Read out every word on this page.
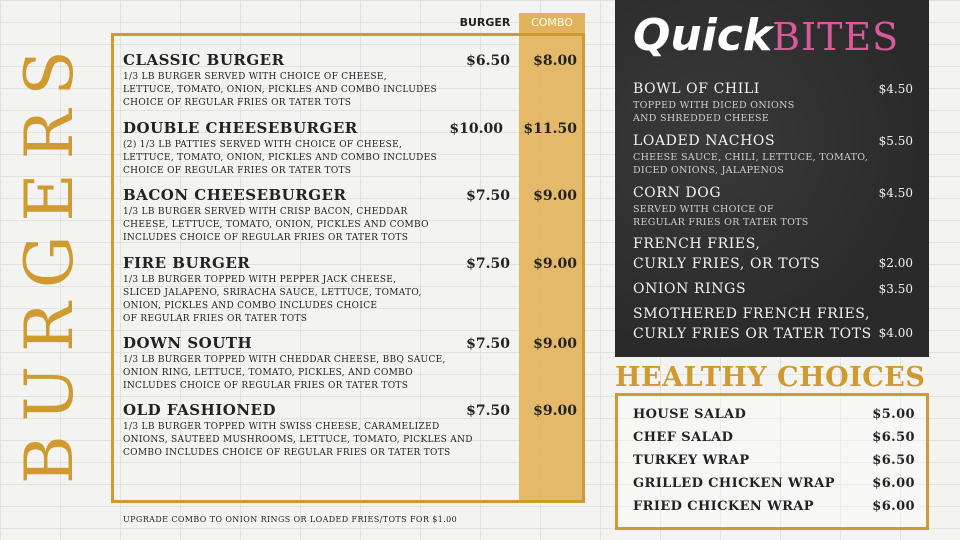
BURGERS
BURGER	COMBO
CLASSIC BURGER
1/3 LB BURGER SERVED WITH CHOICE OF CHEESE,
LETTUCE, TOMATO, ONION, PICKLES AND COMBO INCLUDES
CHOICE OF REGULAR FRIES OR TATER TOTS
$6.50	$8.00
DOUBLE CHEESEBURGER
(2) 1/3 LB PATTIES SERVED WITH CHOICE OF CHEESE,
LETTUCE, TOMATO, ONION, PICKLES AND COMBO INCLUDES
CHOICE OF REGULAR FRIES OR TATER TOTS
$10.00	$11.50
BACON CHEESEBURGER
1/3 LB BURGER SERVED WITH CRISP BACON, CHEDDAR
CHEESE, LETTUCE, TOMATO, ONION, PICKLES AND COMBO
INCLUDES CHOICE OF REGULAR FRIES OR TATER TOTS
$7.50	$9.00
FIRE BURGER
1/3 LB BURGER TOPPED WITH PEPPER JACK CHEESE,
SLICED JALAPENO, SRIRACHA SAUCE, LETTUCE, TOMATO,
ONION, PICKLES AND COMBO INCLUDES CHOICE
OF REGULAR FRIES OR TATER TOTS
$7.50	$9.00
DOWN SOUTH
1/3 LB BURGER TOPPED WITH CHEDDAR CHEESE, BBQ SAUCE,
ONION RING, LETTUCE, TOMATO, PICKLES, AND COMBO
INCLUDES CHOICE OF REGULAR FRIES OR TATER TOTS
$7.50	$9.00
OLD FASHIONED
1/3 LB BURGER TOPPED WITH SWISS CHEESE, CARAMELIZED
ONIONS, SAUTEED MUSHROOMS, LETTUCE, TOMATO, PICKLES AND
COMBO INCLUDES CHOICE OF REGULAR FRIES OR TATER TOTS
$7.50	$9.00
UPGRADE COMBO TO ONION RINGS OR LOADED FRIES/TOTS FOR $1.00
QuickBITES
BOWL OF CHILI
TOPPED WITH DICED ONIONS
AND SHREDDED CHEESE
$4.50
LOADED NACHOS
CHEESE SAUCE, CHILI, LETTUCE, TOMATO,
DICED ONIONS, JALAPENOS
$5.50
CORN DOG
SERVED WITH CHOICE OF
REGULAR FRIES OR TATER TOTS
$4.50
FRENCH FRIES,
CURLY FRIES, OR TOTS	$2.00
ONION RINGS	$3.50
SMOTHERED FRENCH FRIES,
CURLY FRIES OR TATER TOTS $4.00
HEALTHY CHOICES
HOUSE SALAD	$5.00
CHEF SALAD	$6.50
TURKEY WRAP	$6.50
GRILLED CHICKEN WRAP	$6.00
FRIED CHICKEN WRAP	$6.00
